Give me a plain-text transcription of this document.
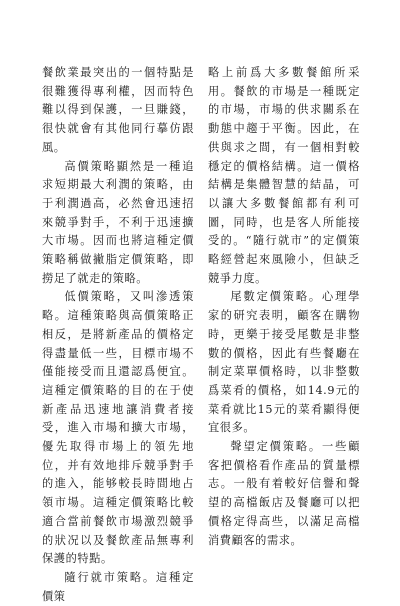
餐飲業最突出的一個特點是很難獲得專利權，因而特色難以得到保護，一旦賺錢，很快就會有其他同行摹仿跟風。

高價策略顯然是一種追求短期最大利潤的策略，由于利潤過高，必然會迅速招來競爭對手，不利于迅速擴大市場。因而也將這種定價策略稱做撇脂定價策略，即撈足了就走的策略。

低價策略，又叫滲透策略。這種策略與高價策略正相反，是將新產品的價格定得盡量低一些，目標市場不僅能接受而且還認爲便宜。這種定價策略的目的在于使新產品迅速地讓消費者接受，進入市場和擴大市場，優先取得市場上的領先地位，并有效地排斥競爭對手的進入，能够較長時間地占領市場。這種定價策略比較適合當前餐飲市場激烈競爭的狀况以及餐飲產品無專利保護的特點。

隨行就市策略。這種定價策

略上前爲大多數餐館所采用。餐飲的市場是一種既定的市場，市場的供求關系在動態中趨于平衡。因此，在供與求之間，有一個相對較穩定的價格結構。這一價格結構是集體智慧的結晶，可以讓大多數餐館都有利可圖，同時，也是客人所能接受的。“隨行就市”的定價策略經營起來風險小，但缺乏競爭力度。

尾數定價策略。心理學家的研究表明，顧客在購物時，更樂于接受尾數是非整數的價格，因此有些餐廳在制定菜單價格時，以非整數爲菜肴的價格，如14.9元的菜肴就比15元的菜肴顯得便宜很多。

聲望定價策略。一些顧客把價格看作產品的質量標志。一般有着較好信譽和聲望的高檔飯店及餐廳可以把價格定得高些，以滿足高檔消費顧客的需求。
